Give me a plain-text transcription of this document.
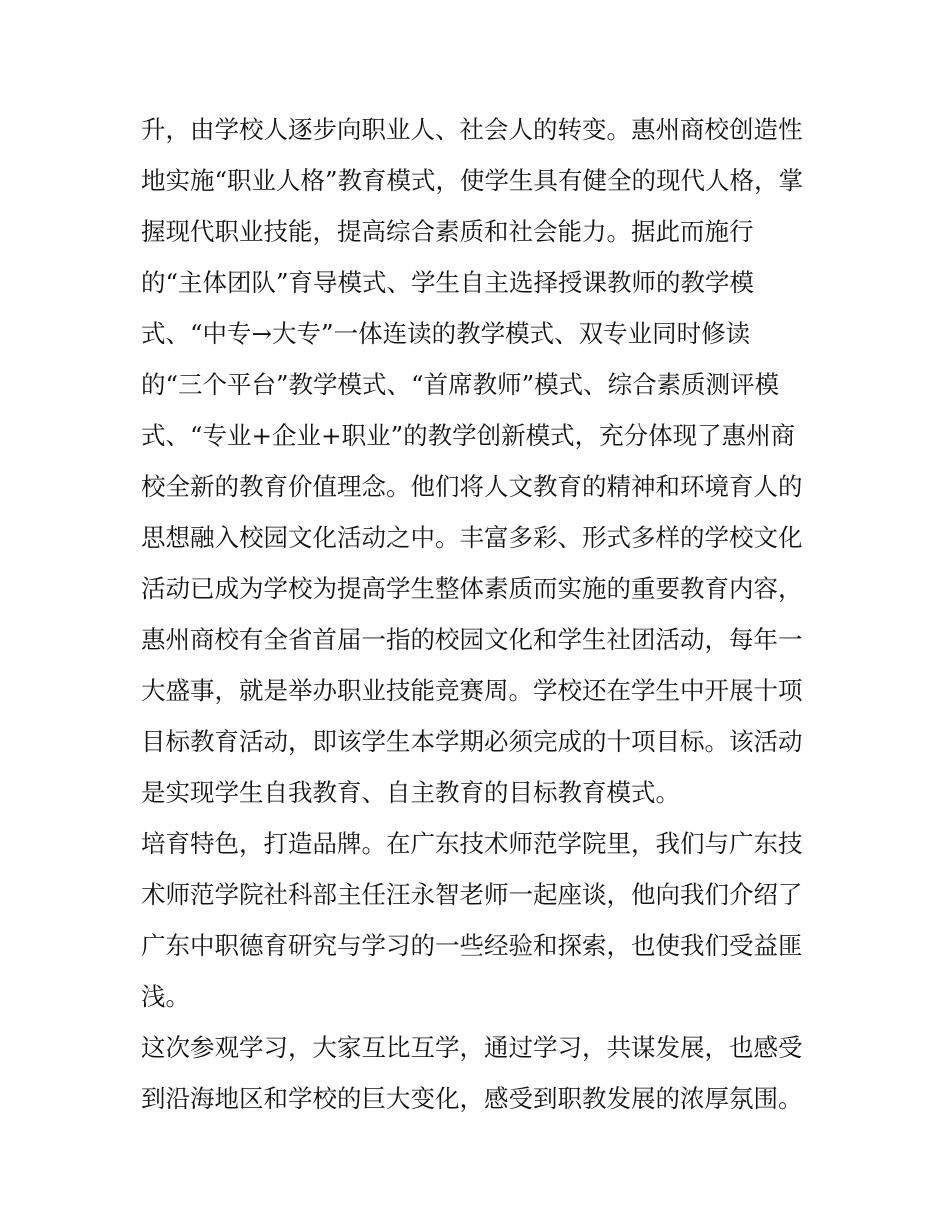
升，由学校人逐步向职业人、社会人的转变。惠州商校创造性
地实施“职业人格”教育模式，使学生具有健全的现代人格，掌
握现代职业技能，提高综合素质和社会能力。据此而施行
的“主体团队”育导模式、学生自主选择授课教师的教学模
式、“中专→大专”一体连读的教学模式、双专业同时修读
的“三个平台”教学模式、“首席教师”模式、综合素质测评模
式、“专业+企业+职业”的教学创新模式，充分体现了惠州商
校全新的教育价值理念。他们将人文教育的精神和环境育人的
思想融入校园文化活动之中。丰富多彩、形式多样的学校文化
活动已成为学校为提高学生整体素质而实施的重要教育内容，
惠州商校有全省首届一指的校园文化和学生社团活动，每年一
大盛事，就是举办职业技能竞赛周。学校还在学生中开展十项
目标教育活动，即该学生本学期必须完成的十项目标。该活动
是实现学生自我教育、自主教育的目标教育模式。
培育特色，打造品牌。在广东技术师范学院里，我们与广东技
术师范学院社科部主任汪永智老师一起座谈，他向我们介绍了
广东中职德育研究与学习的一些经验和探索，也使我们受益匪
浅。
这次参观学习，大家互比互学，通过学习，共谋发展，也感受
到沿海地区和学校的巨大变化，感受到职教发展的浓厚氛围。
